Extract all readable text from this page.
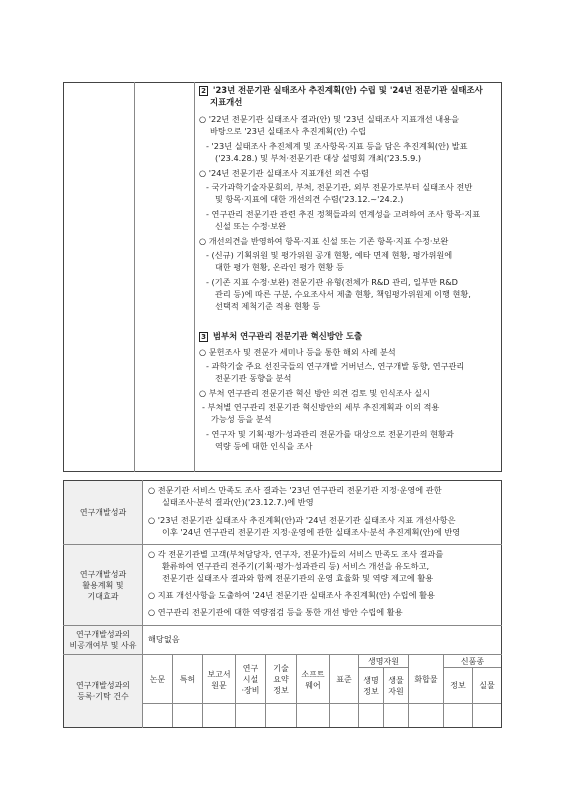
2 '23년 전문기관 실태조사 추진계획(안) 수립 및 '24년 전문기관 실태조사
지표개선
○ '22년 전문기관 실태조사 결과(안) 및 '23년 실태조사 지표개선 내용을
바탕으로 '23년 실태조사 추진계획(안) 수립
- '23년 실태조사 추진체계 및 조사항목·지표 등을 담은 추진계획(안) 발표
('23.4.28.) 및 부처·전문기관 대상 설명회 개최('23.5.9.)
○ '24년 전문기관 실태조사 지표개선 의견 수렴
- 국가과학기술자문회의, 부처, 전문기관, 외부 전문가로부터 실태조사 전반
및 항목·지표에 대한 개선의견 수렴('23.12.~'24.2.)
- 연구관리 전문기관 관련 추진 정책들과의 연계성을 고려하여 조사 항목·지표
신설 또는 수정·보완
○ 개선의견을 반영하여 항목·지표 신설 또는 기존 항목·지표 수정·보완
- (신규) 기획위원 및 평가위원 공개 현황, 예타 면제 현황, 평가위원에
대한 평가 현황, 온라인 평가 현황 등
- (기존 지표 수정·보완) 전문기관 유형(전체가 R&D 관리, 일부만 R&D
관리 등)에 따른 구분, 수요조사서 제출 현황, 책임평가위원제 이행 현황,
선택적 제척기준 적용 현황 등
3 범부처 연구관리 전문기관 혁신방안 도출
○ 문헌조사 및 전문가 세미나 등을 통한 해외 사례 분석
- 과학기술 주요 선진국들의 연구개발 거버넌스, 연구개발 동향, 연구관리
전문기관 동향을 분석
○ 부처 연구관리 전문기관 혁신 방안 의견 검토 및 인식조사 실시
- 부처별 연구관리 전문기관 혁신방안의 세부 추진계획과 이의 적용
가능성 등을 분석
- 연구자 및 기획·평가·성과관리 전문가를 대상으로 전문기관의 현황과
역량 등에 대한 인식을 조사
연구개발성과
○ 전문기관 서비스 만족도 조사 결과는 '23년 연구관리 전문기관 지정·운영에 관한
실태조사·분석 결과(안)('23.12.7.)에 반영
○ '23년 전문기관 실태조사 추진계획(안)과 '24년 전문기관 실태조사 지표 개선사항은
이후 '24년 연구관리 전문기관 지정·운영에 관한 실태조사·분석 추진계획(안)에 반영
연구개발성과
활용계획 및
기대효과
○ 각 전문기관별 고객(부처담당자, 연구자, 전문가)들의 서비스 만족도 조사 결과를
환류하여 연구관리 전주기(기획·평가·성과관리 등) 서비스 개선을 유도하고,
전문기관 실태조사 결과와 함께 전문기관의 운영 효율화 및 역량 제고에 활용
○ 지표 개선사항을 도출하여 '24년 전문기관 실태조사 추진계획(안) 수립에 활용
○ 연구관리 전문기관에 대한 역량점검 등을 통한 개선 방안 수립에 활용
연구개발성과의
비공개여부 및 사유
해당없음
연구개발성과의
등록·기탁 건수
논문	특허
보고서
원문
연구
시설
·장비
기술
요약
정보
소프트
웨어
표준
생명자원
생명
정보
생물
자원
화합물
신품종
정보	실물
